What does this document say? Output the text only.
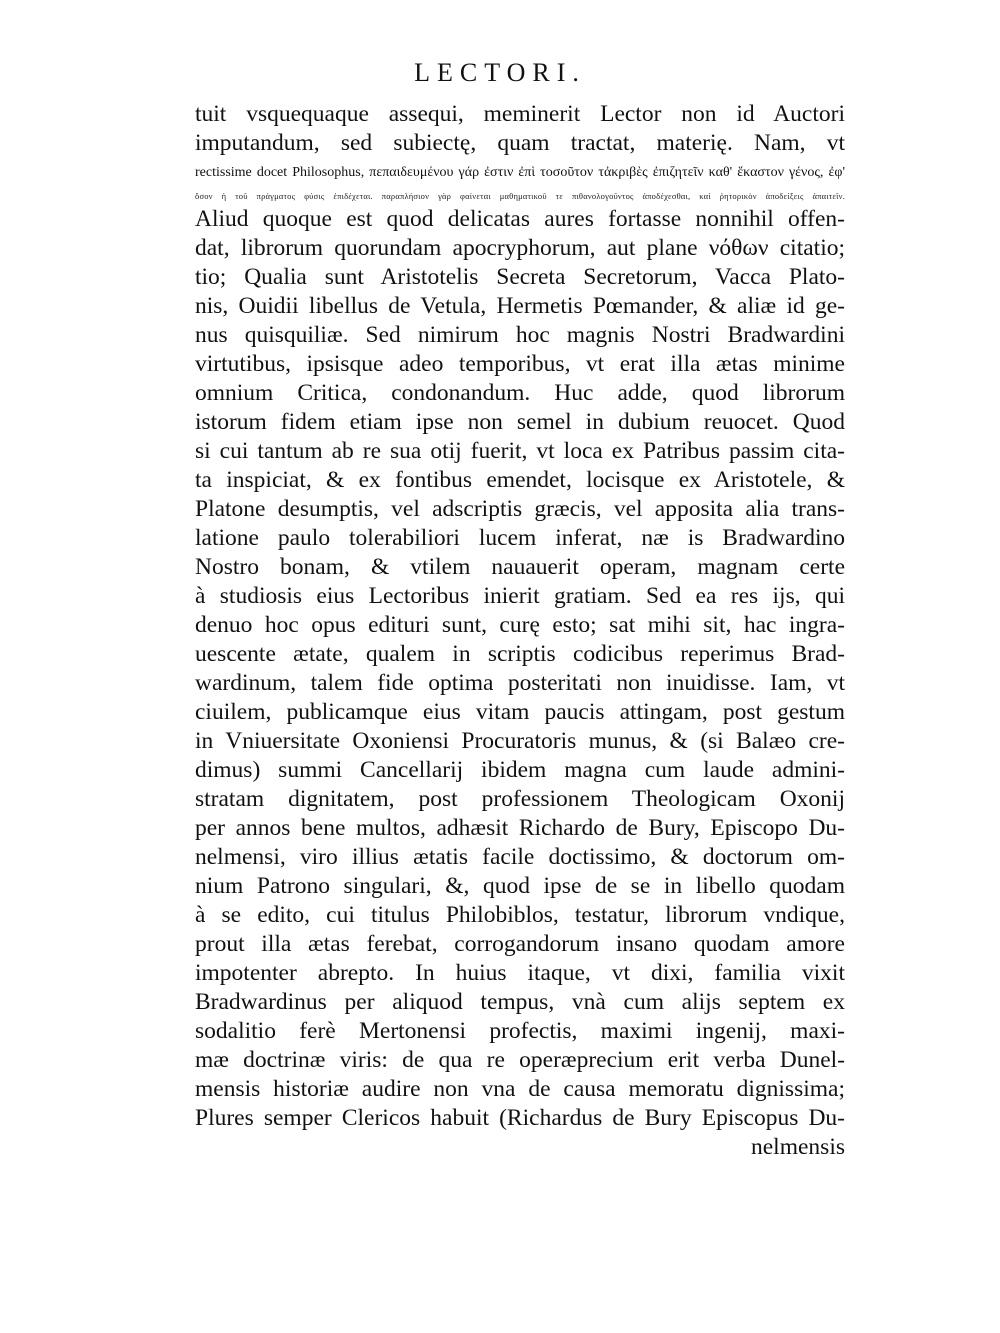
LECTORI.
tuit vsquequaque assequi, meminerit Lector non id Auctori
imputandum, sed subiectę, quam tractat, materię. Nam, vt
rectissime docet Philosophus, πεπαιδευμένου γάρ ἐστιν ἐπὶ τοσοῦτον τἀκριβὲς ἐπιζητεῖν καθ' ἕκαστον γένος, ἐφ'
ὅσον ἡ τοῦ πράγματος φύσις ἐπιδέχεται. παραπλήσιον γὰρ φαίνεται μαθηματικοῦ τε πιθανολογοῦντος ἀποδέχεσθαι, καὶ ῥητορικὸν ἀποδείξεις ἀπαιτεῖν.
Aliud quoque est quod delicatas aures fortasse nonnihil offen-
dat, librorum quorundam apocryphorum, aut plane νόθων citatio;
tio; Qualia sunt Aristotelis Secreta Secretorum, Vacca Plato-
nis, Ouidii libellus de Vetula, Hermetis Pœmander, & aliæ id ge-
nus quisquiliæ. Sed nimirum hoc magnis Nostri Bradwardini
virtutibus, ipsisque adeo temporibus, vt erat illa ætas minime
omnium Critica, condonandum. Huc adde, quod librorum
istorum fidem etiam ipse non semel in dubium reuocet. Quod
si cui tantum ab re sua otij fuerit, vt loca ex Patribus passim cita-
ta inspiciat, & ex fontibus emendet, locisque ex Aristotele, &
Platone desumptis, vel adscriptis græcis, vel apposita alia trans-
latione paulo tolerabiliori lucem inferat, næ is Bradwardino
Nostro bonam, & vtilem nauauerit operam, magnam certe
à studiosis eius Lectoribus inierit gratiam. Sed ea res ijs, qui
denuo hoc opus edituri sunt, curę esto; sat mihi sit, hac ingra-
uescente ætate, qualem in scriptis codicibus reperimus Brad-
wardinum, talem fide optima posteritati non inuidisse. Iam, vt
ciuilem, publicamque eius vitam paucis attingam, post gestum
in Vniuersitate Oxoniensi Procuratoris munus, & (si Balæo cre-
dimus) summi Cancellarij ibidem magna cum laude admini-
stratam dignitatem, post professionem Theologicam Oxonij
per annos bene multos, adhæsit Richardo de Bury, Episcopo Du-
nelmensi, viro illius ætatis facile doctissimo, & doctorum om-
nium Patrono singulari, &, quod ipse de se in libello quodam
à se edito, cui titulus Philobiblos, testatur, librorum vndique,
prout illa ætas ferebat, corrogandorum insano quodam amore
impotenter abrepto. In huius itaque, vt dixi, familia vixit
Bradwardinus per aliquod tempus, vnà cum alijs septem ex
sodalitio ferè Mertonensi profectis, maximi ingenij, maxi-
mæ doctrinæ viris: de qua re operæprecium erit verba Dunel-
mensis historiæ audire non vna de causa memoratu dignissima;
Plures semper Clericos habuit (Richardus de Bury Episcopus Du-
nelmensis
